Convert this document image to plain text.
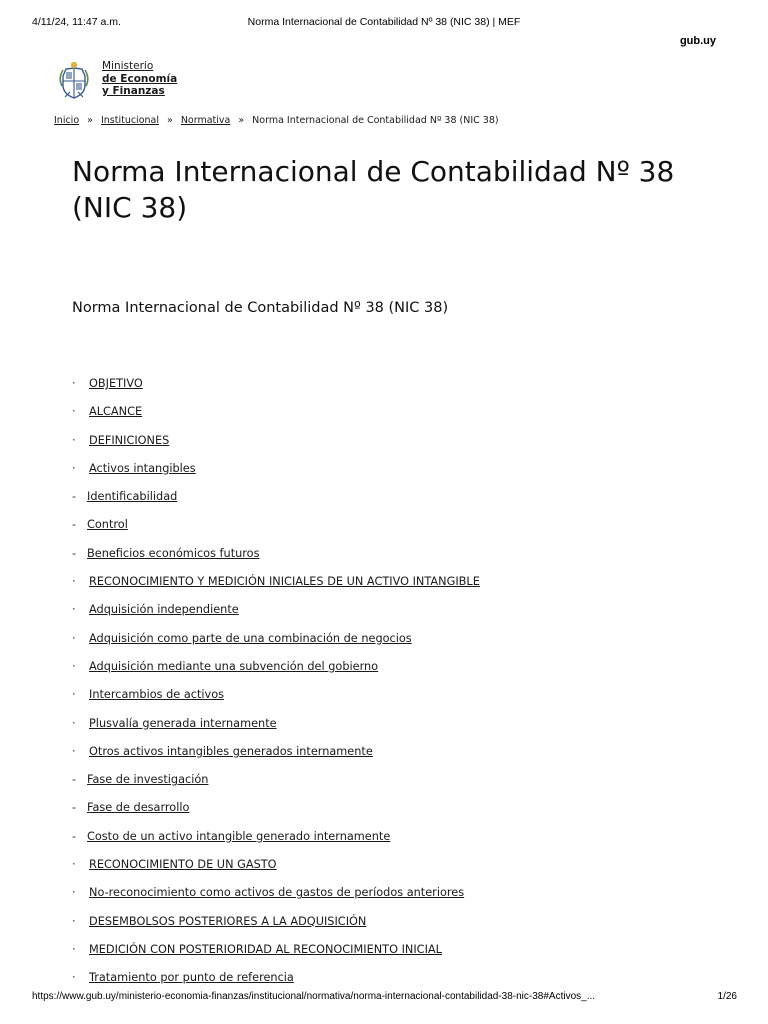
4/11/24, 11:47 a.m.	Norma Internacional de Contabilidad Nº 38 (NIC 38) | MEF
gub.uy
Ministerio
de Economía
y Finanzas
Inicio » Institucional » Normativa » Norma Internacional de Contabilidad Nº 38 (NIC 38)
Norma Internacional de Contabilidad Nº 38 (NIC 38)
Norma Internacional de Contabilidad Nº 38 (NIC 38)
·	OBJETIVO
·	ALCANCE
·	DEFINICIONES
·	Activos intangibles
- Identificabilidad
- Control
- Beneficios económicos futuros
·	RECONOCIMIENTO Y MEDICIÓN INICIALES DE UN ACTIVO INTANGIBLE
·	Adquisición independiente
·	Adquisición como parte de una combinación de negocios
·	Adquisición mediante una subvención del gobierno
·	Intercambios de activos
·	Plusvalía generada internamente
·	Otros activos intangibles generados internamente
- Fase de investigación
- Fase de desarrollo
- Costo de un activo intangible generado internamente
·	RECONOCIMIENTO DE UN GASTO
·	No-reconocimiento como activos de gastos de períodos anteriores
·	DESEMBOLSOS POSTERIORES A LA ADQUISICIÓN
·	MEDICIÓN CON POSTERIORIDAD AL RECONOCIMIENTO INICIAL
·	Tratamiento por punto de referencia
https://www.gub.uy/ministerio-economia-finanzas/institucional/normativa/norma-internacional-contabilidad-38-nic-38#Activos_...	1/26
